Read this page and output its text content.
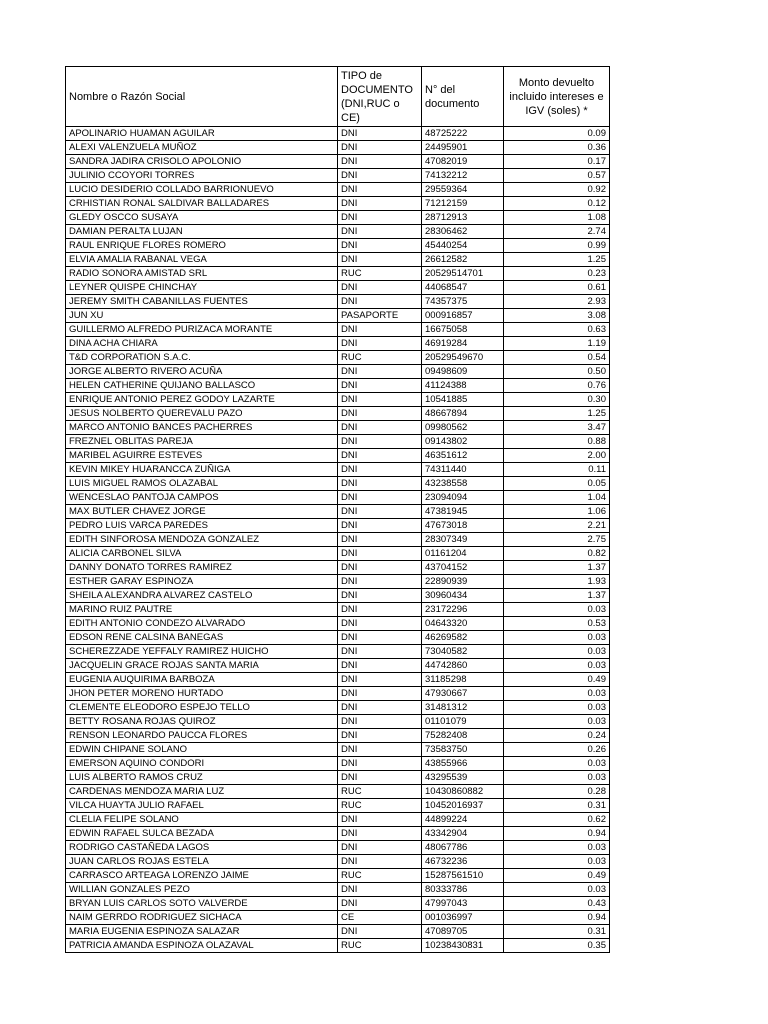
Nombre o Razón Social	TIPO de DOCUMENTO (DNI,RUC o CE)	N° del documento	Monto devuelto incluido intereses e IGV (soles) *
APOLINARIO HUAMAN AGUILAR	DNI	48725222	0.09
ALEXI VALENZUELA MUÑOZ	DNI	24495901	0.36
SANDRA JADIRA CRISOLO APOLONIO	DNI	47082019	0.17
JULINIO CCOYORI TORRES	DNI	74132212	0.57
LUCIO DESIDERIO COLLADO BARRIONUEVO	DNI	29559364	0.92
CRHISTIAN RONAL SALDIVAR BALLADARES	DNI	71212159	0.12
GLEDY OSCCO SUSAYA	DNI	28712913	1.08
DAMIAN PERALTA LUJAN	DNI	28306462	2.74
RAUL ENRIQUE FLORES ROMERO	DNI	45440254	0.99
ELVIA AMALIA RABANAL VEGA	DNI	26612582	1.25
RADIO SONORA AMISTAD SRL	RUC	20529514701	0.23
LEYNER QUISPE CHINCHAY	DNI	44068547	0.61
JEREMY SMITH CABANILLAS FUENTES	DNI	74357375	2.93
JUN XU	PASAPORTE	000916857	3.08
GUILLERMO ALFREDO PURIZACA MORANTE	DNI	16675058	0.63
DINA ACHA CHIARA	DNI	46919284	1.19
T&D CORPORATION S.A.C.	RUC	20529549670	0.54
JORGE ALBERTO RIVERO ACUÑA	DNI	09498609	0.50
HELEN CATHERINE QUIJANO BALLASCO	DNI	41124388	0.76
ENRIQUE ANTONIO PEREZ GODOY LAZARTE	DNI	10541885	0.30
JESUS NOLBERTO QUEREVALU PAZO	DNI	48667894	1.25
MARCO ANTONIO BANCES PACHERRES	DNI	09980562	3.47
FREZNEL OBLITAS PAREJA	DNI	09143802	0.88
MARIBEL AGUIRRE ESTEVES	DNI	46351612	2.00
KEVIN MIKEY HUARANCCA ZUÑIGA	DNI	74311440	0.11
LUIS MIGUEL RAMOS OLAZABAL	DNI	43238558	0.05
WENCESLAO PANTOJA CAMPOS	DNI	23094094	1.04
MAX BUTLER CHAVEZ JORGE	DNI	47381945	1.06
PEDRO LUIS VARCA PAREDES	DNI	47673018	2.21
EDITH SINFOROSA MENDOZA GONZALEZ	DNI	28307349	2.75
ALICIA CARBONEL SILVA	DNI	01161204	0.82
DANNY DONATO TORRES RAMIREZ	DNI	43704152	1.37
ESTHER GARAY ESPINOZA	DNI	22890939	1.93
SHEILA ALEXANDRA ALVAREZ CASTELO	DNI	30960434	1.37
MARINO RUIZ PAUTRE	DNI	23172296	0.03
EDITH ANTONIO CONDEZO ALVARADO	DNI	04643320	0.53
EDSON RENE CALSINA BANEGAS	DNI	46269582	0.03
SCHEREZZADE YEFFALY RAMIREZ HUICHO	DNI	73040582	0.03
JACQUELIN GRACE ROJAS SANTA MARIA	DNI	44742860	0.03
EUGENIA AUQUIRIMA BARBOZA	DNI	31185298	0.49
JHON PETER MORENO HURTADO	DNI	47930667	0.03
CLEMENTE ELEODORO ESPEJO TELLO	DNI	31481312	0.03
BETTY ROSANA ROJAS QUIROZ	DNI	01101079	0.03
RENSON LEONARDO PAUCCA FLORES	DNI	75282408	0.24
EDWIN CHIPANE SOLANO	DNI	73583750	0.26
EMERSON AQUINO CONDORI	DNI	43855966	0.03
LUIS ALBERTO RAMOS CRUZ	DNI	43295539	0.03
CARDENAS MENDOZA MARIA LUZ	RUC	10430860882	0.28
VILCA HUAYTA JULIO RAFAEL	RUC	10452016937	0.31
CLELIA FELIPE SOLANO	DNI	44899224	0.62
EDWIN RAFAEL SULCA BEZADA	DNI	43342904	0.94
RODRIGO CASTAÑEDA LAGOS	DNI	48067786	0.03
JUAN CARLOS ROJAS ESTELA	DNI	46732236	0.03
CARRASCO ARTEAGA LORENZO JAIME	RUC	15287561510	0.49
WILLIAN GONZALES PEZO	DNI	80333786	0.03
BRYAN LUIS CARLOS SOTO VALVERDE	DNI	47997043	0.43
NAIM GERRDO RODRIGUEZ SICHACA	CE	001036997	0.94
MARIA EUGENIA ESPINOZA SALAZAR	DNI	47089705	0.31
PATRICIA AMANDA ESPINOZA OLAZAVAL	RUC	10238430831	0.35
